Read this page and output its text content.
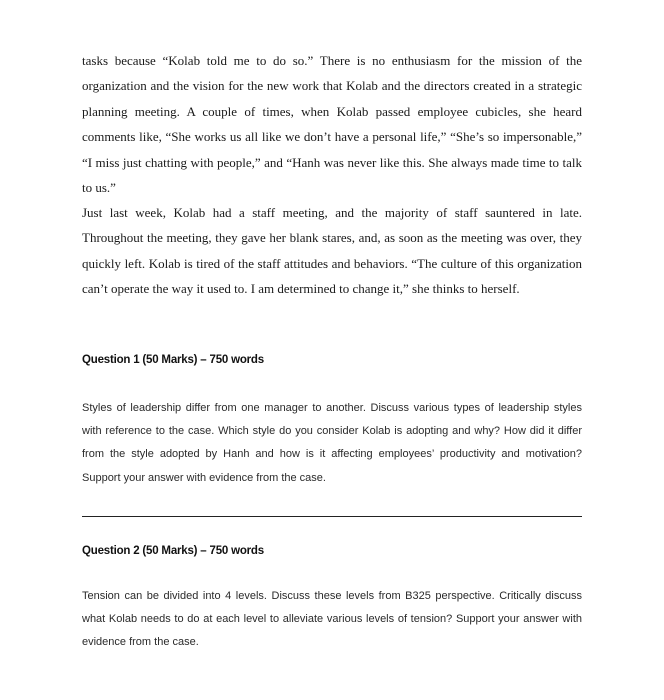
tasks because “Kolab told me to do so.” There is no enthusiasm for the mission of the organization and the vision for the new work that Kolab and the directors created in a strategic planning meeting. A couple of times, when Kolab passed employee cubicles, she heard comments like, “She works us all like we don’t have a personal life,” “She’s so impersonable,” “I miss just chatting with people,” and “Hanh was never like this. She always made time to talk to us.”

Just last week, Kolab had a staff meeting, and the majority of staff sauntered in late. Throughout the meeting, they gave her blank stares, and, as soon as the meeting was over, they quickly left. Kolab is tired of the staff attitudes and behaviors. “The culture of this organization can’t operate the way it used to. I am determined to change it,” she thinks to herself.

Question 1 (50 Marks) – 750 words

Styles of leadership differ from one manager to another. Discuss various types of leadership styles with reference to the case. Which style do you consider Kolab is adopting and why? How did it differ from the style adopted by Hanh and how is it affecting employees’ productivity and motivation? Support your answer with evidence from the case.

Question 2 (50 Marks) – 750 words

Tension can be divided into 4 levels. Discuss these levels from B325 perspective. Critically discuss what Kolab needs to do at each level to alleviate various levels of tension? Support your answer with evidence from the case.
